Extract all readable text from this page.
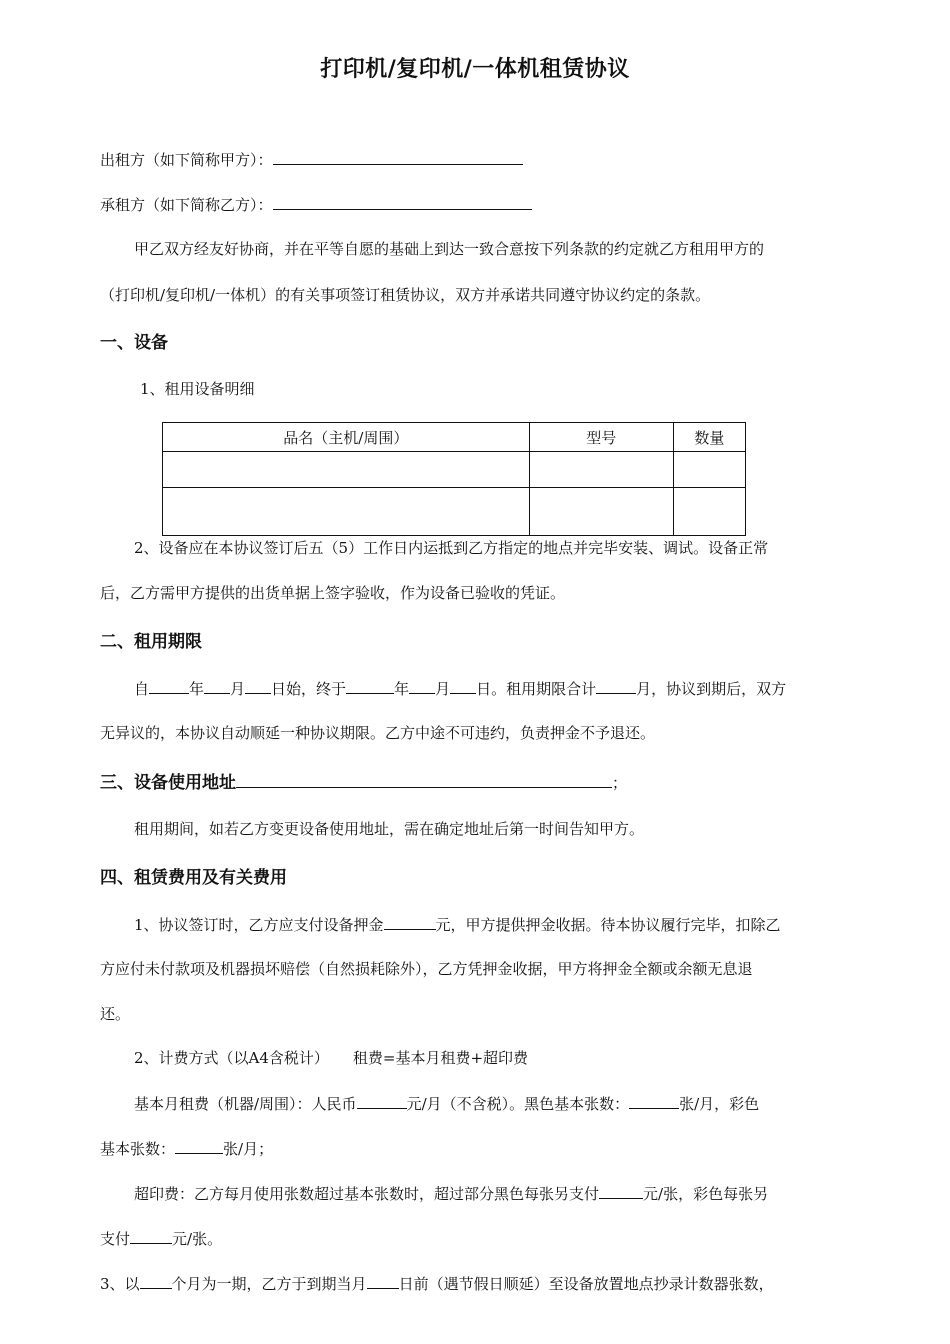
打印机/复印机/一体机租赁协议
出租方（如下简称甲方）：
承租方（如下简称乙方）：
甲乙双方经友好协商，并在平等自愿的基础上到达一致合意按下列条款的约定就乙方租用甲方的
（打印机/复印机/一体机）的有关事项签订租赁协议，双方并承诺共同遵守协议约定的条款。
一、设备
1、租用设备明细
品名（主机/周围）	型号	数量

2、设备应在本协议签订后五（5）工作日内运抵到乙方指定的地点并完毕安装、调试。设备正常
后，乙方需甲方提供的出货单据上签字验收，作为设备已验收的凭证。
二、租用期限
自	年 月 日始，终于	年 月 日。租用期限合计	月，协议到期后，双方
无异议的，本协议自动顺延一种协议期限。乙方中途不可违约，负责押金不予退还。
三、设备使用地址	；
租用期间，如若乙方变更设备使用地址，需在确定地址后第一时间告知甲方。
四、租赁费用及有关费用
1、协议签订时，乙方应支付设备押金	元，甲方提供押金收据。待本协议履行完毕，扣除乙
方应付未付款项及机器损坏赔偿（自然损耗除外），乙方凭押金收据，甲方将押金全额或余额无息退
还。
2、计费方式（以A4含税计） 租费=基本月租费+超印费
基本月租费（机器/周围）：人民币	元/月（不含税）。黑色基本张数：	张/月，彩色
基本张数：	张/月；
超印费：乙方每月使用张数超过基本张数时，超过部分黑色每张另支付	元/张，彩色每张另
支付	元/张。
3、以 个月为一期，乙方于到期当月 日前（遇节假日顺延）至设备放置地点抄录计数器张数，
